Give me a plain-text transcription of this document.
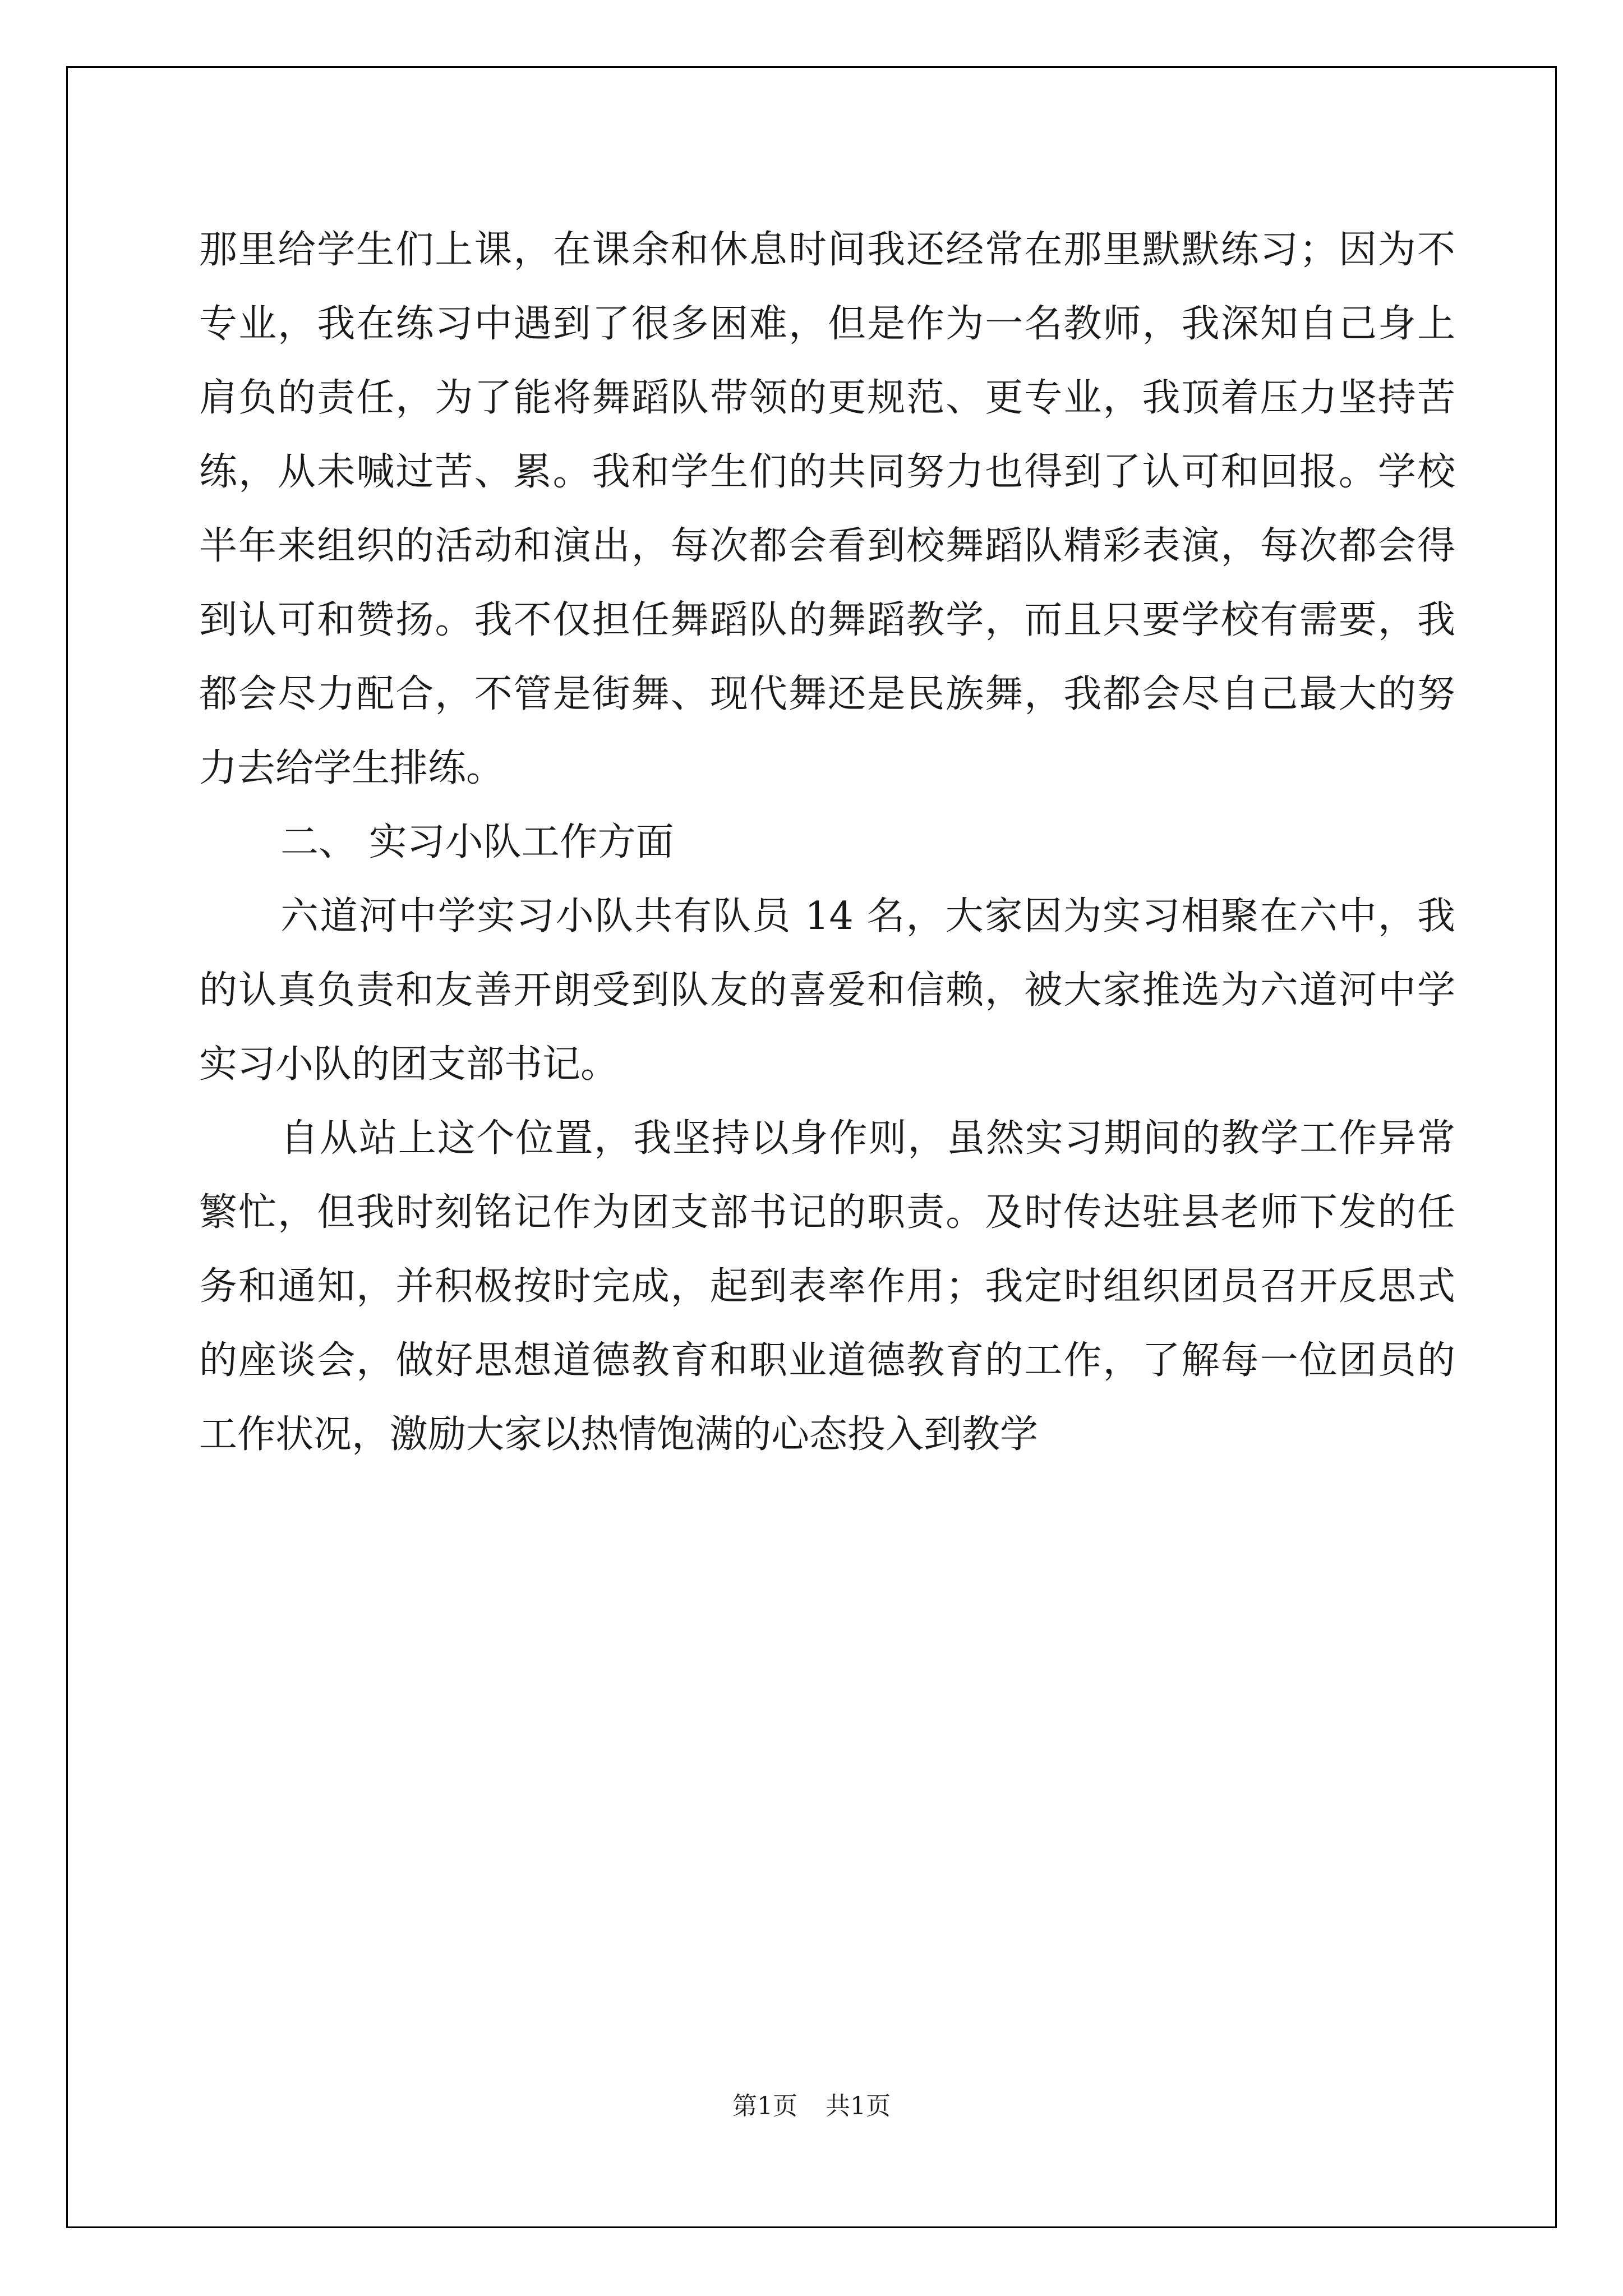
那里给学生们上课，在课余和休息时间我还经常在那里默默练习；因为不专业，我在练习中遇到了很多困难，但是作为一名教师，我深知自己身上肩负的责任，为了能将舞蹈队带领的更规范、更专业，我顶着压力坚持苦练，从未喊过苦、累。我和学生们的共同努力也得到了认可和回报。学校半年来组织的活动和演出，每次都会看到校舞蹈队精彩表演，每次都会得到认可和赞扬。我不仅担任舞蹈队的舞蹈教学，而且只要学校有需要，我都会尽力配合，不管是街舞、现代舞还是民族舞，我都会尽自己最大的努力去给学生排练。

二、 实习小队工作方面

六道河中学实习小队共有队员 14 名，大家因为实习相聚在六中，我的认真负责和友善开朗受到队友的喜爱和信赖，被大家推选为六道河中学实习小队的团支部书记。

自从站上这个位置，我坚持以身作则，虽然实习期间的教学工作异常繁忙，但我时刻铭记作为团支部书记的职责。及时传达驻县老师下发的任务和通知，并积极按时完成，起到表率作用；我定时组织团员召开反思式的座谈会，做好思想道德教育和职业道德教育的工作，了解每一位团员的工作状况，激励大家以热情饱满的心态投入到教学

第1页 共1页
